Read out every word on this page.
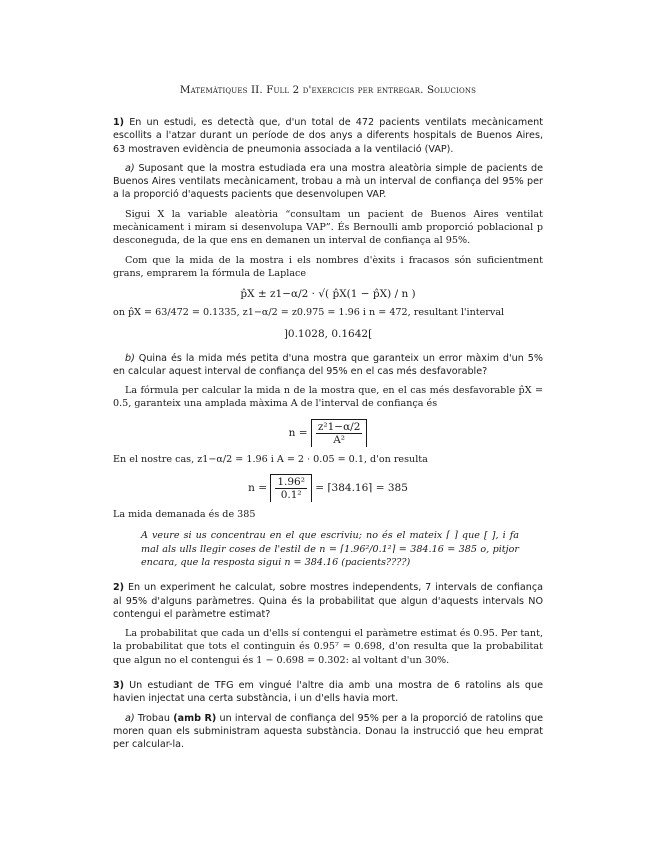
Matemàtiques II. Full 2 d'exercicis per entregar. Solucions

1) En un estudi, es detectà que, d'un total de 472 pacients ventilats mecànicament escollits a l'atzar durant un període de dos anys a diferents hospitals de Buenos Aires, 63 mostraven evidència de pneumonia associada a la ventilació (VAP).

a) Suposant que la mostra estudiada era una mostra aleatòria simple de pacients de Buenos Aires ventilats mecànicament, trobau a mà un interval de confiança del 95% per a la proporció d'aquests pacients que desenvolupen VAP.

Sigui X la variable aleatòria “consultam un pacient de Buenos Aires ventilat mecànicament i miram si desenvolupa VAP”. És Bernoulli amb proporció poblacional p desconeguda, de la que ens en demanen un interval de confiança al 95%.

Com que la mida de la mostra i els nombres d'èxits i fracasos són suficientment grans, emprarem la fórmula de Laplace

p̂X ± z1−α/2 · √( p̂X(1 − p̂X) / n )

on p̂X = 63/472 = 0.1335, z1−α/2 = z0.975 = 1.96 i n = 472, resultant l'interval

]0.1028, 0.1642[

b) Quina és la mida més petita d'una mostra que garanteix un error màxim d'un 5% en calcular aquest interval de confiança del 95% en el cas més desfavorable?

La fórmula per calcular la mida n de la mostra que, en el cas més desfavorable p̂X = 0.5, garanteix una amplada màxima A de l'interval de confiança és

$n = \frac{\text{z²1−α/2}}{\text{A²}}$

En el nostre cas, z1−α/2 = 1.96 i A = 2 · 0.05 = 0.1, d'on resulta

$n = \frac{\text{1.96²}}{\text{0.1²}}$ = ⌈384.16⌉ = 385

La mida demanada és de 385

A veure si us concentrau en el que escriviu; no és el mateix ⌈ ⌉ que [ ], i fa mal als ulls llegir coses de l'estil de n = ⌈1.96²/0.1²⌉ = 384.16 = 385 o, pitjor encara, que la resposta sigui n = 384.16 (pacients????)

2) En un experiment he calculat, sobre mostres independents, 7 intervals de confiança al 95% d'alguns paràmetres. Quina és la probabilitat que algun d'aquests intervals NO contengui el paràmetre estimat?

La probabilitat que cada un d'ells sí contengui el paràmetre estimat és 0.95. Per tant, la probabilitat que tots el continguin és 0.95⁷ = 0.698, d'on resulta que la probabilitat que algun no el contengui és 1 − 0.698 = 0.302: al voltant d'un 30%.

3) Un estudiant de TFG em vingué l'altre dia amb una mostra de 6 ratolins als que havien injectat una certa substància, i un d'ells havia mort.

a) Trobau (amb R) un interval de confiança del 95% per a la proporció de ratolins que moren quan els subministram aquesta substància. Donau la instrucció que heu emprat per calcular-la.
